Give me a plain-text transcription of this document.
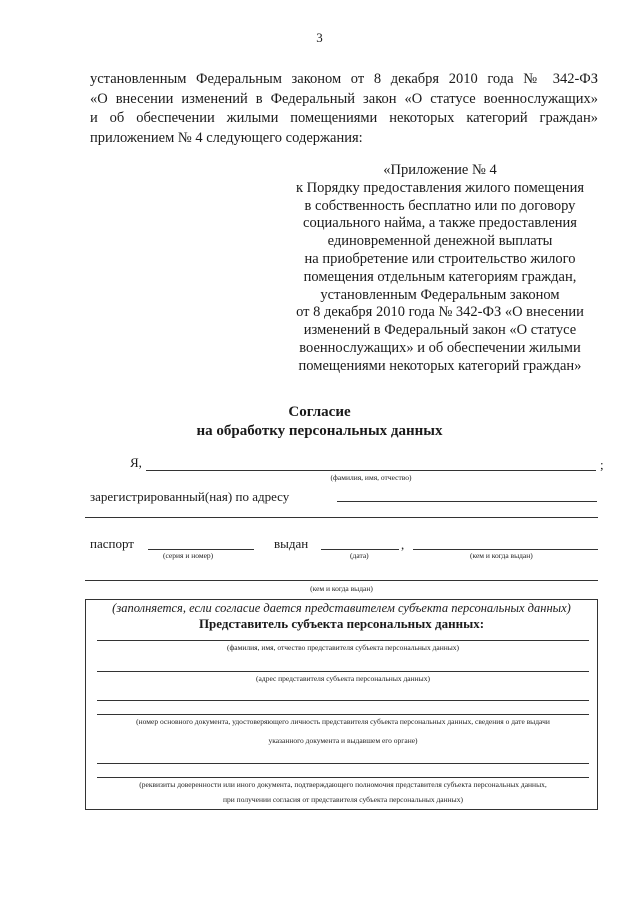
3
установленным Федеральным законом от 8 декабря 2010 года № 342-ФЗ
«О внесении изменений в Федеральный закон «О статусе военнослужащих»
и об обеспечении жилыми помещениями некоторых категорий граждан»
приложением № 4 следующего содержания:
«Приложение № 4
к Порядку предоставления жилого помещения
в собственность бесплатно или по договору
социального найма, а также предоставления
единовременной денежной выплаты
на приобретение или строительство жилого
помещения отдельным категориям граждан,
установленным Федеральным законом
от 8 декабря 2010 года № 342-ФЗ «О внесении
изменений в Федеральный закон «О статусе
военнослужащих» и об обеспечении жилыми
помещениями некоторых категорий граждан»
Согласие
на обработку персональных данных
Я,	;
(фамилия, имя, отчество)
зарегистрированный(ная) по адресу
паспорт
(серия и номер)
выдан
(дата)
,
(кем и когда выдан)
(кем и когда выдан)
(заполняется, если согласие дается представителем субъекта персональных данных)
Представитель субъекта персональных данных:
(фамилия, имя, отчество представителя субъекта персональных данных)
(адрес представителя субъекта персональных данных)
(номер основного документа, удостоверяющего личность представителя субъекта персональных данных, сведения о дате выдачи
указанного документа и выдавшем его органе)
(реквизиты доверенности или иного документа, подтверждающего полномочия представителя субъекта персональных данных,
при получении согласия от представителя субъекта персональных данных)
